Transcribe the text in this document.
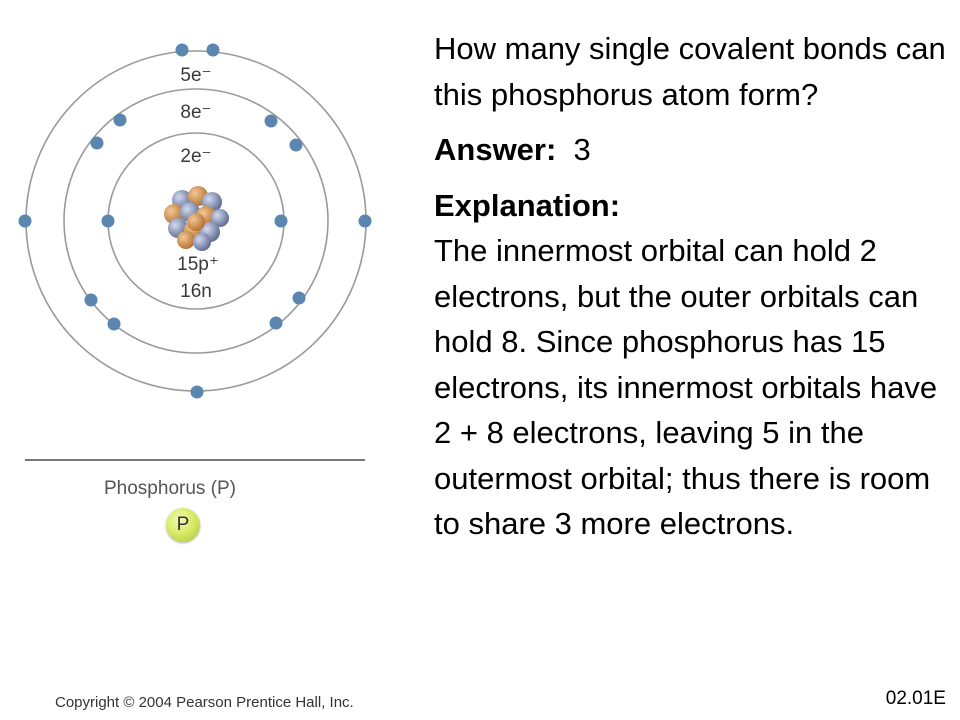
5e⁻
8e⁻
2e⁻
15p⁺
16n
Phosphorus (P)
P

How many single covalent bonds can this phosphorus atom form?

Answer: 3

Explanation:
The innermost orbital can hold 2 electrons, but the outer orbitals can hold 8. Since phosphorus has 15 electrons, its innermost orbitals have 2 + 8 electrons, leaving 5 in the outermost orbital; thus there is room to share 3 more electrons.
Copyright © 2004 Pearson Prentice Hall, Inc.	02.01E
